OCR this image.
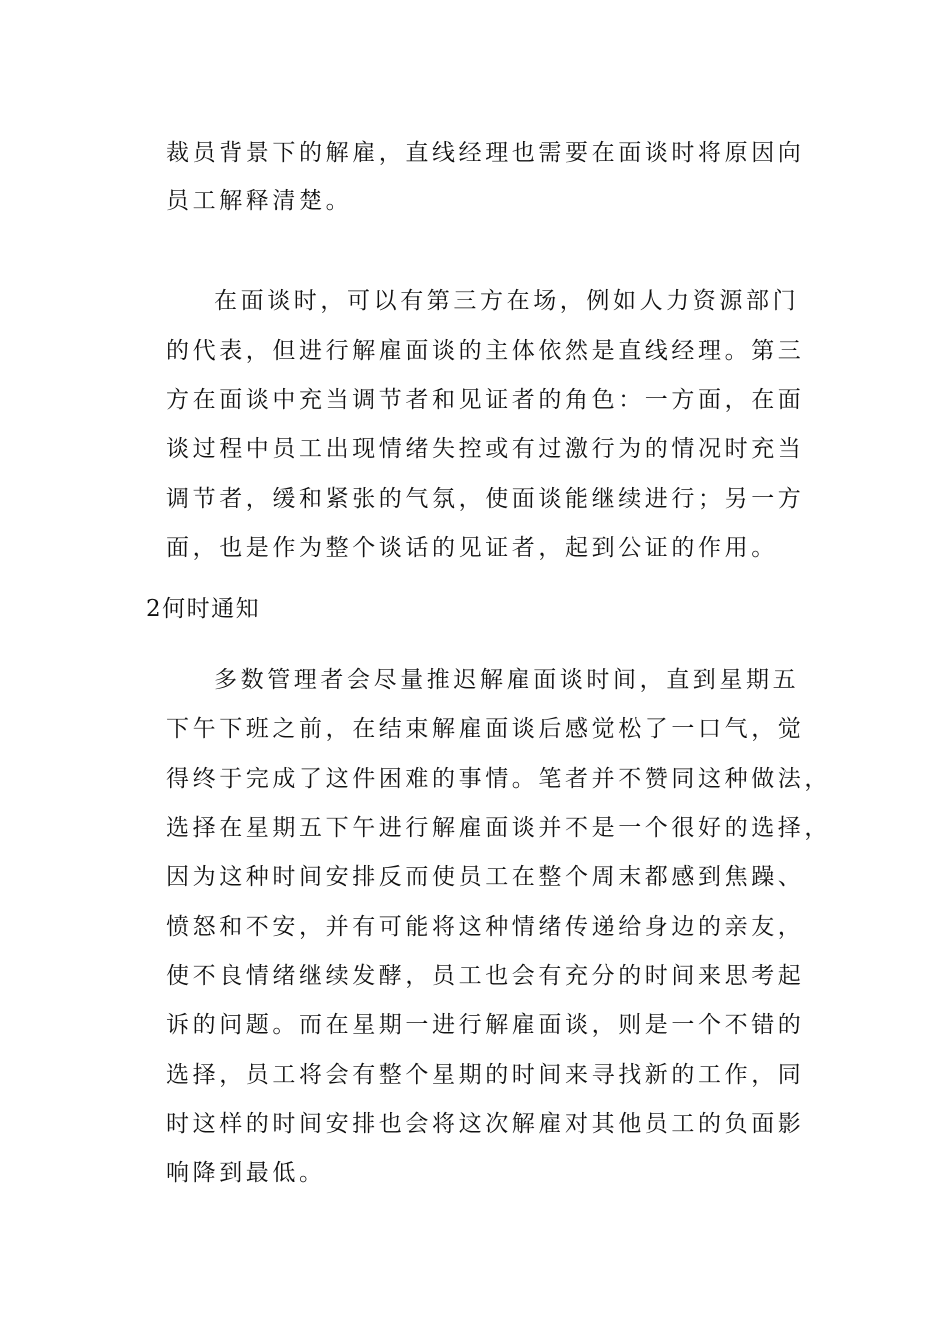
裁员背景下的解雇，直线经理也需要在面谈时将原因向
员工解释清楚。
在面谈时，可以有第三方在场，例如人力资源部门
的代表，但进行解雇面谈的主体依然是直线经理。第三
方在面谈中充当调节者和见证者的角色：一方面，在面
谈过程中员工出现情绪失控或有过激行为的情况时充当
调节者，缓和紧张的气氛，使面谈能继续进行；另一方
面，也是作为整个谈话的见证者，起到公证的作用。
2何时通知
多数管理者会尽量推迟解雇面谈时间，直到星期五
下午下班之前，在结束解雇面谈后感觉松了一口气，觉
得终于完成了这件困难的事情。笔者并不赞同这种做法，
选择在星期五下午进行解雇面谈并不是一个很好的选择，
因为这种时间安排反而使员工在整个周末都感到焦躁、
愤怒和不安，并有可能将这种情绪传递给身边的亲友，
使不良情绪继续发酵，员工也会有充分的时间来思考起
诉的问题。而在星期一进行解雇面谈，则是一个不错的
选择，员工将会有整个星期的时间来寻找新的工作，同
时这样的时间安排也会将这次解雇对其他员工的负面影
响降到最低。
